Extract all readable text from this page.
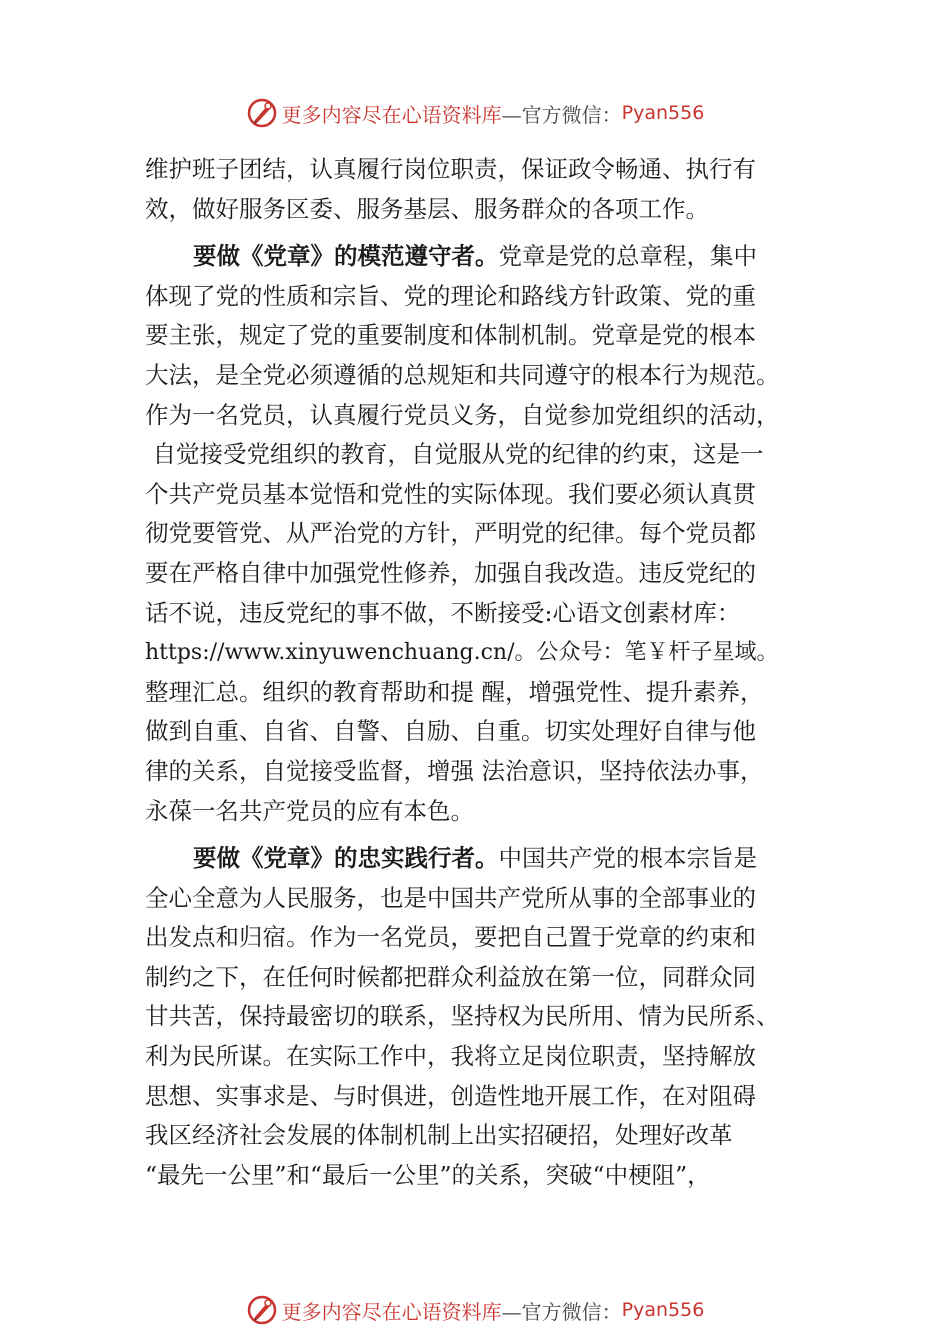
更多内容尽在心语资料库 —官方微信： Pyan556
维护班子团结，认真履行岗位职责，保证政令畅通、执行有
效，做好服务区委、服务基层、服务群众的各项工作。
要做《党章》的模范遵守者。党章是党的总章程，集中
体现了党的性质和宗旨、党的理论和路线方针政策、党的重
要主张，规定了党的重要制度和体制机制。党章是党的根本
大法，是全党必须遵循的总规矩和共同遵守的根本行为规范。
作为一名党员，认真履行党员义务，自觉参加党组织的活动，
自觉接受党组织的教育，自觉服从党的纪律的约束，这是一
个共产党员基本觉悟和党性的实际体现。我们要必须认真贯
彻党要管党、从严治党的方针，严明党的纪律。每个党员都
要在严格自律中加强党性修养，加强自我改造。违反党纪的
话不说，违反党纪的事不做，不断接受:心语文创素材库：
https://www.xinyuwenchuang.cn/。公众号：笔￥杆子星域。
整理汇总。组织的教育帮助和提 醒，增强党性、提升素养，
做到自重、自省、自警、自励、自重。切实处理好自律与他
律的关系，自觉接受监督，增强 法治意识，坚持依法办事，
永葆一名共产党员的应有本色。
要做《党章》的忠实践行者。中国共产党的根本宗旨是
全心全意为人民服务，也是中国共产党所从事的全部事业的
出发点和归宿。作为一名党员，要把自己置于党章的约束和
制约之下，在任何时候都把群众利益放在第一位，同群众同
甘共苦，保持最密切的联系，坚持权为民所用、情为民所系、
利为民所谋。在实际工作中，我将立足岗位职责，坚持解放
思想、实事求是、与时俱进，创造性地开展工作，在对阻碍
我区经济社会发展的体制机制上出实招硬招，处理好改革
“最先一公里”和“最后一公里”的关系，突破“中梗阻”，
更多内容尽在心语资料库 —官方微信： Pyan556
